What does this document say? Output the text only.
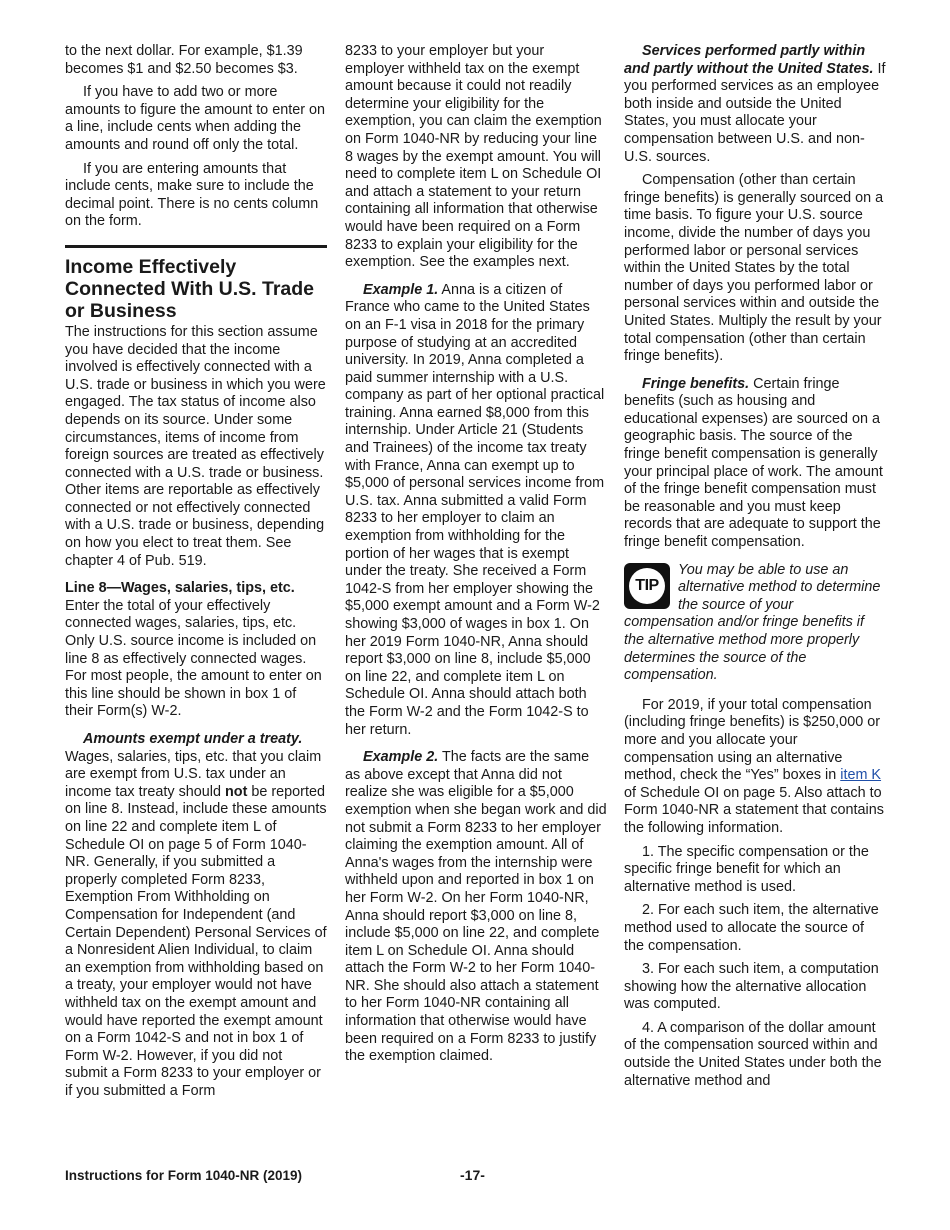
to the next dollar. For example, $1.39 becomes $1 and $2.50 becomes $3.

If you have to add two or more amounts to figure the amount to enter on a line, include cents when adding the amounts and round off only the total.

If you are entering amounts that include cents, make sure to include the decimal point. There is no cents column on the form.

Income Effectively Connected With U.S. Trade or Business

The instructions for this section assume you have decided that the income involved is effectively connected with a U.S. trade or business in which you were engaged. The tax status of income also depends on its source. Under some circumstances, items of income from foreign sources are treated as effectively connected with a U.S. trade or business. Other items are reportable as effectively connected or not effectively connected with a U.S. trade or business, depending on how you elect to treat them. See chapter 4 of Pub. 519.

Line 8—Wages, salaries, tips, etc. Enter the total of your effectively connected wages, salaries, tips, etc. Only U.S. source income is included on line 8 as effectively connected wages. For most people, the amount to enter on this line should be shown in box 1 of their Form(s) W-2.

Amounts exempt under a treaty. Wages, salaries, tips, etc. that you claim are exempt from U.S. tax under an income tax treaty should not be reported on line 8. Instead, include these amounts on line 22 and complete item L of Schedule OI on page 5 of Form 1040-NR. Generally, if you submitted a properly completed Form 8233, Exemption From Withholding on Compensation for Independent (and Certain Dependent) Personal Services of a Nonresident Alien Individual, to claim an exemption from withholding based on a treaty, your employer would not have withheld tax on the exempt amount and would have reported the exempt amount on a Form 1042-S and not in box 1 of Form W-2. However, if you did not submit a Form 8233 to your employer or if you submitted a Form

8233 to your employer but your employer withheld tax on the exempt amount because it could not readily determine your eligibility for the exemption, you can claim the exemption on Form 1040-NR by reducing your line 8 wages by the exempt amount. You will need to complete item L on Schedule OI and attach a statement to your return containing all information that otherwise would have been required on a Form 8233 to explain your eligibility for the exemption. See the examples next.

Example 1. Anna is a citizen of France who came to the United States on an F-1 visa in 2018 for the primary purpose of studying at an accredited university. In 2019, Anna completed a paid summer internship with a U.S. company as part of her optional practical training. Anna earned $8,000 from this internship. Under Article 21 (Students and Trainees) of the income tax treaty with France, Anna can exempt up to $5,000 of personal services income from U.S. tax. Anna submitted a valid Form 8233 to her employer to claim an exemption from withholding for the portion of her wages that is exempt under the treaty. She received a Form 1042-S from her employer showing the $5,000 exempt amount and a Form W-2 showing $3,000 of wages in box 1. On her 2019 Form 1040-NR, Anna should report $3,000 on line 8, include $5,000 on line 22, and complete item L on Schedule OI. Anna should attach both the Form W-2 and the Form 1042-S to her return.

Example 2. The facts are the same as above except that Anna did not realize she was eligible for a $5,000 exemption when she began work and did not submit a Form 8233 to her employer claiming the exemption amount. All of Anna's wages from the internship were withheld upon and reported in box 1 on her Form W-2. On her Form 1040-NR, Anna should report $3,000 on line 8, include $5,000 on line 22, and complete item L on Schedule OI. Anna should attach the Form W-2 to her Form 1040-NR. She should also attach a statement to her Form 1040-NR containing all information that otherwise would have been required on a Form 8233 to justify the exemption claimed.

Services performed partly within and partly without the United States. If you performed services as an employee both inside and outside the United States, you must allocate your compensation between U.S. and non-U.S. sources.

Compensation (other than certain fringe benefits) is generally sourced on a time basis. To figure your U.S. source income, divide the number of days you performed labor or personal services within the United States by the total number of days you performed labor or personal services within and outside the United States. Multiply the result by your total compensation (other than certain fringe benefits).

Fringe benefits. Certain fringe benefits (such as housing and educational expenses) are sourced on a geographic basis. The source of the fringe benefit compensation is generally your principal place of work. The amount of the fringe benefit compensation must be reasonable and you must keep records that are adequate to support the fringe benefit compensation.

TIP
You may be able to use an alternative method to determine the source of your compensation and/or fringe benefits if the alternative method more properly determines the source of the compensation.

For 2019, if your total compensation (including fringe benefits) is $250,000 or more and you allocate your compensation using an alternative method, check the “Yes” boxes in item K of Schedule OI on page 5. Also attach to Form 1040-NR a statement that contains the following information.

1. The specific compensation or the specific fringe benefit for which an alternative method is used.

2. For each such item, the alternative method used to allocate the source of the compensation.

3. For each such item, a computation showing how the alternative allocation was computed.

4. A comparison of the dollar amount of the compensation sourced within and outside the United States under both the alternative method and

Instructions for Form 1040-NR (2019)	-17-
